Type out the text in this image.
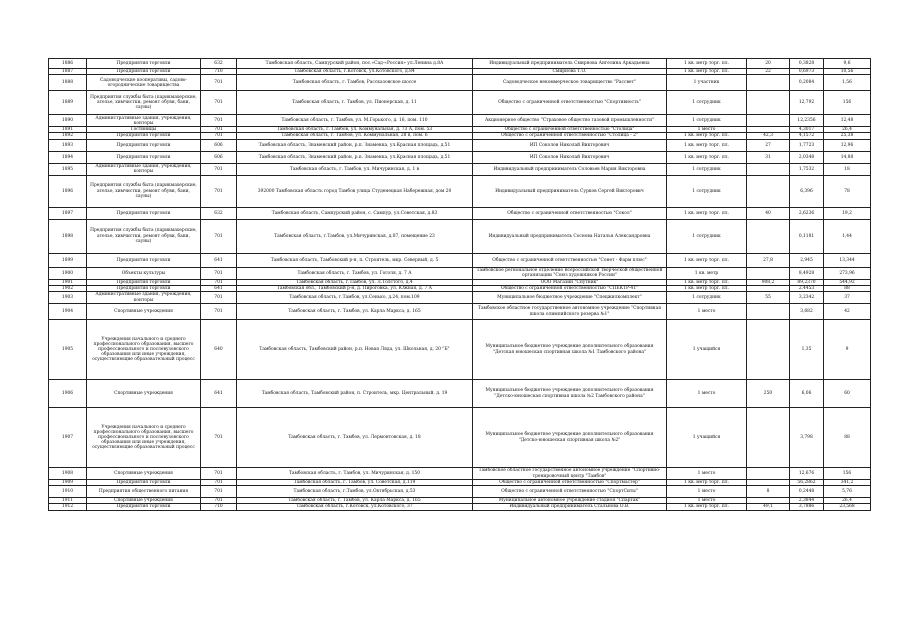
1886	Предприятия торговли	632	Тамбовская область, Сампурский район, пос.«Сад-«Россия» ул.Ленина д.8А	Индивидуальный предприниматель Смирнова Ангелина Аркадьевна	1 кв. метр торг. пл.	20	0,3828	9,6
1887	Предприятия торговли	710	Тамбовская область, г.Котовск, ул.Котовского, д.84	Смирнова Т.О.	1 кв. метр торг. пл.	22	0,6973	10,56
1888	Садоводческие кооперативы, садово-огороднические товарищества	701	Тамбовская область, г. Тамбов, Рассказовское шоссе	Садоводческое некоммерческое товарищество "Рассвет"	1 участник		0,2084	1,56
1889	Предприятия службы быта (парикмахерские, ателье, химчистки, ремонт обуви, бани, сауны)	701	Тамбовская область, г. Тамбов, ул. Пионерская, д. 11	Общество с ограниченной ответственностью "Спортивность"	1 сотрудник		12,792	156
1890	Административные здания, учреждения, конторы	701	Тамбовская область, г. Тамбов, ул. М.Горького, д. 16, пом. 110	Акционерное общество "Страховое общество газовой промышленности"	1 сотрудник		12,2356	12,48
1891	Гостиницы	701	Тамбовская область, г. Тамбов, ул. Коммунальная, д. 73 А, пом. 53	Общество с ограниченной ответственностью "Столица"	1 место		4,3017	26,4
1892	Предприятия торговли	701	Тамбовская область, г. Тамбов, ул. Коммунальная, 28 в, пом. 6	Общество с ограниченной ответственностью "Столица - 2"	1 кв. метр торг. пл.	42,3	4,1572	25,38
1893	Предприятия торговли	606	Тамбовская область, Знаменский район, р.п. Знаменка, ул.Красная площадь, д.51	ИП Соколов Николай Викторович	1 кв. метр торг. пл.	27	1,7723	12,96
1894	Предприятия торговли	606	Тамбовская область, Знаменский район, р.п. Знаменка, ул.Красная площадь, д.51	ИП Соколов Николай Викторович	1 кв. метр торг. пл.	31	2,0348	14,88
1895	Административные здания, учреждения, конторы	701	Тамбовская область, г. Тамбов, ул. Мичуринская, д. 1 в	Индивидуальный предприниматель Соловьев Мария Викторовна	1 сотрудник		1,7532	18
1896	Предприятия службы быта (парикмахерские, ателье, химчистки, ремонт обуви, бани, сауны)	701	392000 Тамбовская область город Тамбов улица Студенецкая Набережная, дом 20	Индивидуальный предприниматель Сурков Сергей Викторович	1 сотрудник		6,396	78
1897	Предприятия торговли	632	Тамбовская область, Сампурский район, с. Сампур, ул.Советская, д.83	Общество с ограниченной ответственностью "Сокол"	1 кв. метр торг. пл.	40	2,6236	19,2
1898	Предприятия службы быта (парикмахерские, ателье, химчистки, ремонт обуви, бани, сауны)	701	Тамбовская область, г.Тамбов, ул.Мичуринская, д.87, помещение 23	Индивидуальный предприниматель Соснова Наталья Александровна	1 сотрудник		0,1181	1,44
1899	Предприятия торговли	641	Тамбовская область, Тамбовский р-н, п. Строитель, мкр. Северный, д. 5	Общество с ограниченной ответственностью "Сонет - Фарм плюс"	1 кв. метр торг. пл.	27,8	2,945	13,344
1900	Объекты культуры	701	Тамбовская область, г. Тамбов, ул. Гоголя, д. 7 А	Тамбовское региональное отделение Всероссийской творческой общественной организации "Союз художников России"	1 кв. метр		8,4928	273,96
1901	Предприятия торговли	701	Тамбовская область, г.Тамбов, ул. Л.Толстого, д.4	ООО Магазин "Спутник"	1 кв. метр торг. пл.	908,2	89,2370	544,92
1902	Предприятия торговли	641	Тамбовская обл., Тамбовский р-н, д. Пироговка, ул. Южная, д. 7 А	Общество с ограниченной ответственностью "СПЕКТР-41"	1 кв. метр торг. пл.		2,4453	88
1903	Административные здания, учреждения, конторы	701	Тамбовская область, г.Тамбов, ул.Сенько, д.24, пом.109	Муниципальное бюджетное учреждение "Спецжилкомплект"	1 сотрудник	55	3,2342	37
1904	Спортивные учреждения	701	Тамбовская область, г. Тамбов, ул. Карла Маркса, д. 165	Тамбовское областное государственное автономное учреждение "Спортивная школа олимпийского резерва №1"	1 место		3,682	42
1905	Учреждения начального и среднего профессионального образования, высшего профессионального и послевузовского образования или иные учреждения, осуществляющие образовательный процесс	640	Тамбовская область, Тамбовский район, р.п. Новая Ляда, ул. Школьная, д. 20 "Б"	Муниципальное бюджетное учреждение дополнительного образования "Детская юношеская спортивная школа №1 Тамбовского района"	1 учащийся		1,35	9
1906	Спортивные учреждения	641	Тамбовская область, Тамбовский район, п. Строитель, мкр. Центральный, д. 19	Муниципальное бюджетное учреждение дополнительного образования "Детско-юношеская спортивная школа №2 Тамбовского района"	1 место	250	6,06	60
1907	Учреждения начального и среднего профессионального образования, высшего профессионального и послевузовского образования или иные учреждения, осуществляющие образовательный процесс	701	Тамбовская область, г. Тамбов, ул. Лермонтовская, д. 18	Муниципальное бюджетное учреждение дополнительного образования "Детско-юношеская спортивная школа №2"	1 учащийся		3,798	88
1908	Спортивные учреждения	701	Тамбовская область, г. Тамбов, ул. Мичуринская, д. 150	Тамбовское областное государственное автономное учреждение "Спортивно-тренировочный центр "Тамбов"	1 место		12,676	156
1909	Предприятия торговли	701	Тамбовская область, г. Тамбов, ул. Советская, д.119	Общество с ограниченной ответственностью "Спортмастер"	1 кв. метр торг. пл.		56,2862	341,2
1910	Предприятия общественного питания	701	Тамбовская область, г.Тамбов, ул.Октябрьская, д.53	Общество с ограниченной ответственностью "СпортСиты"	1 место	8	0,2448	5,76
1911	Спортивные учреждения	701	Тамбовская область, г. Тамбов, ул. Карла Маркса, д. 165	Муниципальное автономное учреждение стадион "Спартак"	1 место		2,3844	26,4
1912	Предприятия торговли	710	Тамбовская область, г.Котовск, ул.Котовского, 37	Индивидуальный предприниматель Стальнова О.В.	1 кв. метр торг. пл.	49,1	3,7886	23,568
